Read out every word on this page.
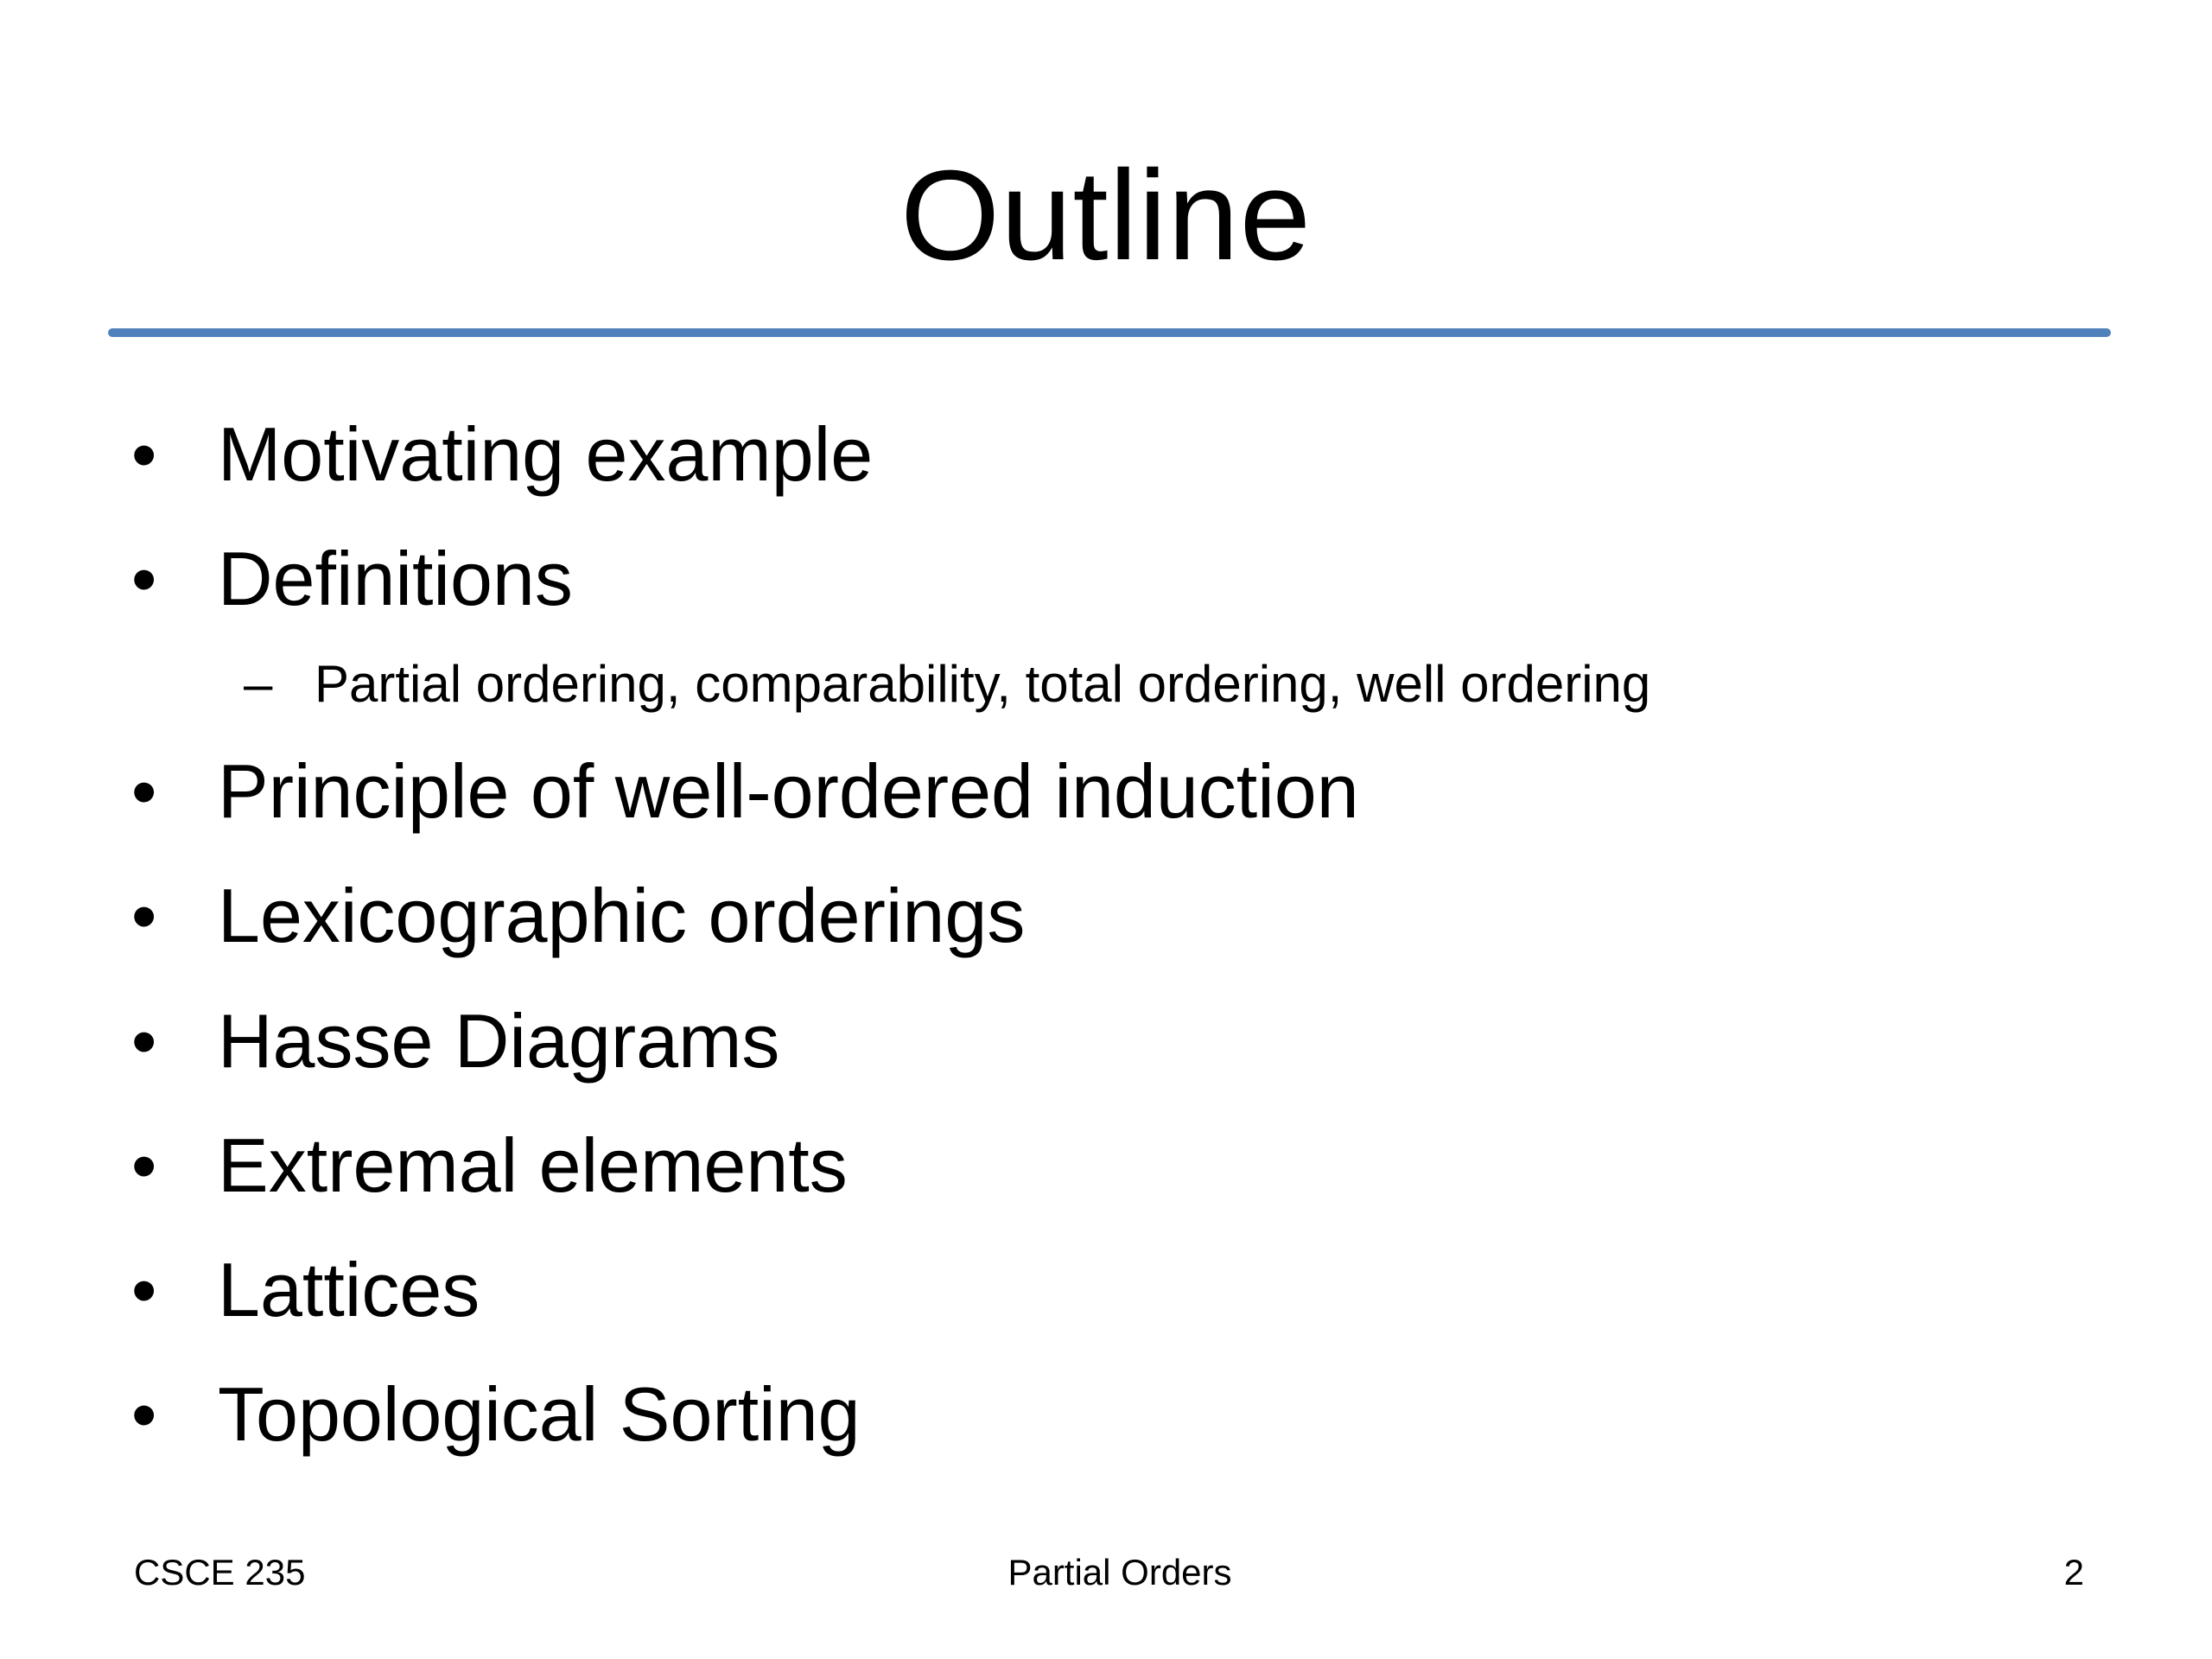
Outline
• Motivating example
• Definitions
– Partial ordering, comparability, total ordering, well ordering
• Principle of well-ordered induction
• Lexicographic orderings
• Hasse Diagrams
• Extremal elements
• Lattices
• Topological Sorting
CSCE 235	Partial Orders	2
